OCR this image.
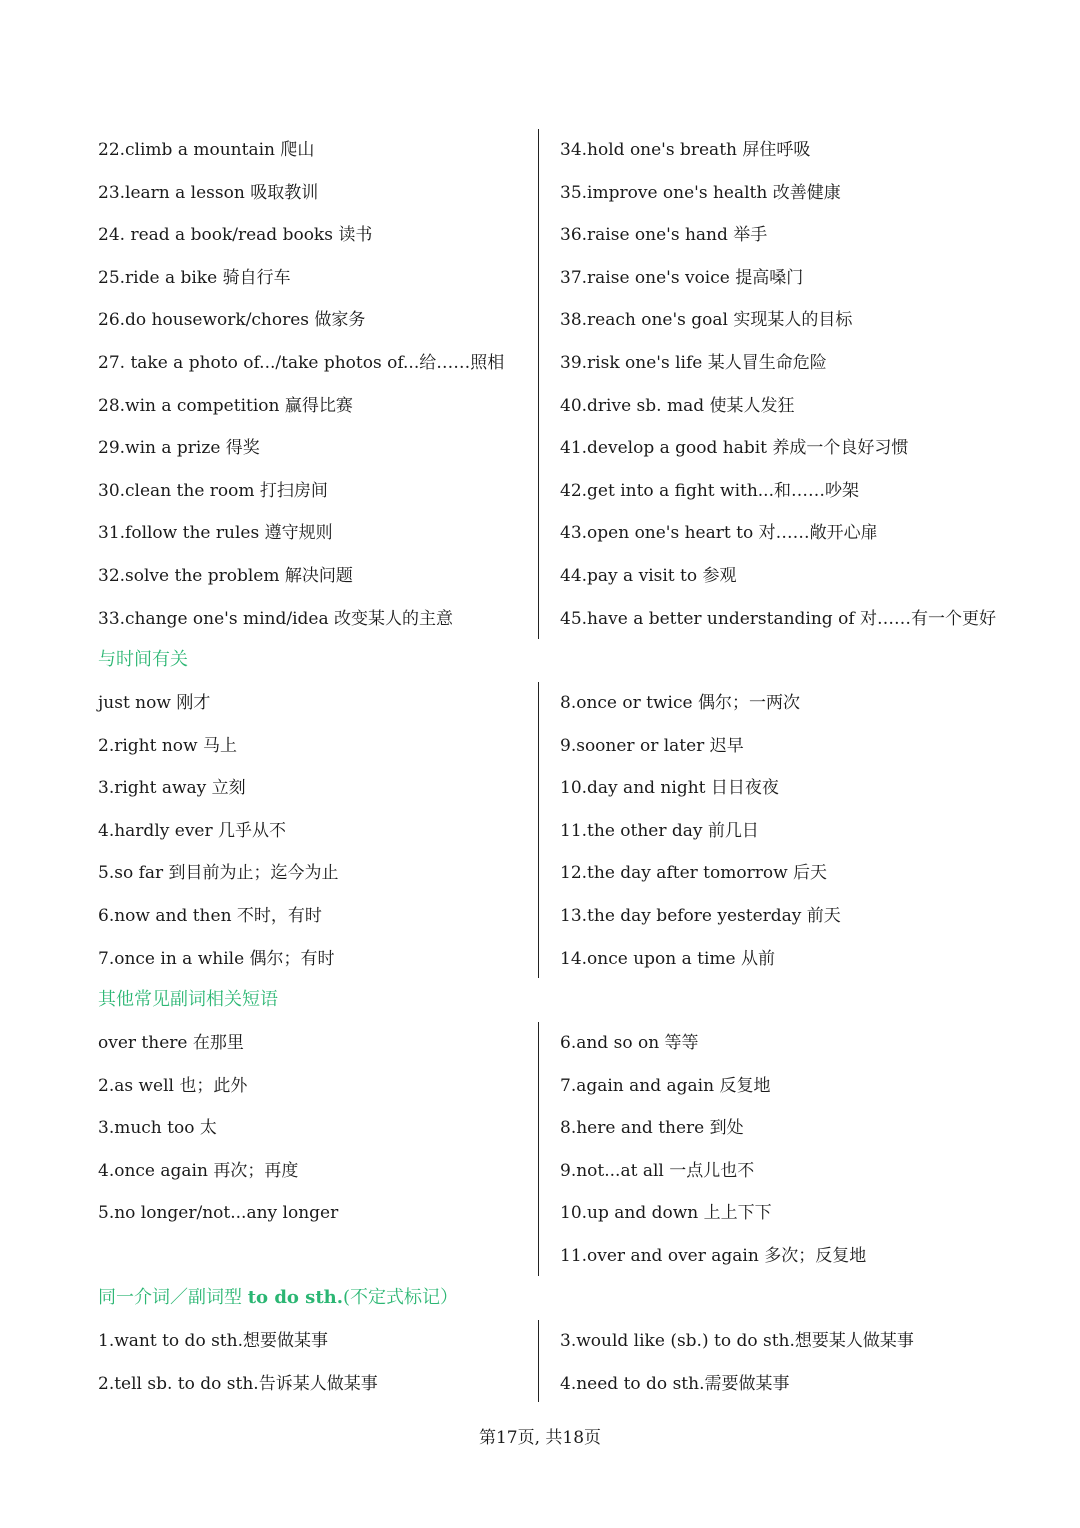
22.climb a mountain 爬山
23.learn a lesson 吸取教训
24. read a book/read books 读书
25.ride a bike 骑自行车
26.do housework/chores 做家务
27. take a photo of.../take photos of...给……照相
28.win a competition 赢得比赛
29.win a prize 得奖
30.clean the room 打扫房间
31.follow the rules 遵守规则
32.solve the problem 解决问题
33.change one's mind/idea 改变某人的主意
34.hold one's breath 屏住呼吸
35.improve one's health 改善健康
36.raise one's hand 举手
37.raise one's voice 提高嗓门
38.reach one's goal 实现某人的目标
39.risk one's life 某人冒生命危险
40.drive sb. mad 使某人发狂
41.develop a good habit 养成一个良好习惯
42.get into a fight with...和……吵架
43.open one's heart to 对……敞开心扉
44.pay a visit to 参观
45.have a better understanding of 对……有一个更好
与时间有关
just now 刚才
2.right now 马上
3.right away 立刻
4.hardly ever 几乎从不
5.so far 到目前为止；迄今为止
6.now and then 不时，有时
7.once in a while 偶尔；有时
8.once or twice 偶尔；一两次
9.sooner or later 迟早
10.day and night 日日夜夜
11.the other day 前几日
12.the day after tomorrow 后天
13.the day before yesterday 前天
14.once upon a time 从前
其他常见副词相关短语
over there 在那里
2.as well 也；此外
3.much too 太
4.once again 再次；再度
5.no longer/not...any longer
6.and so on 等等
7.again and again 反复地
8.here and there 到处
9.not...at all 一点儿也不
10.up and down 上上下下
11.over and over again 多次；反复地
同一介词／副词型 to do sth.(不定式标记）
1.want to do sth.想要做某事
2.tell sb. to do sth.告诉某人做某事
3.would like (sb.) to do sth.想要某人做某事
4.need to do sth.需要做某事
第17页, 共18页
